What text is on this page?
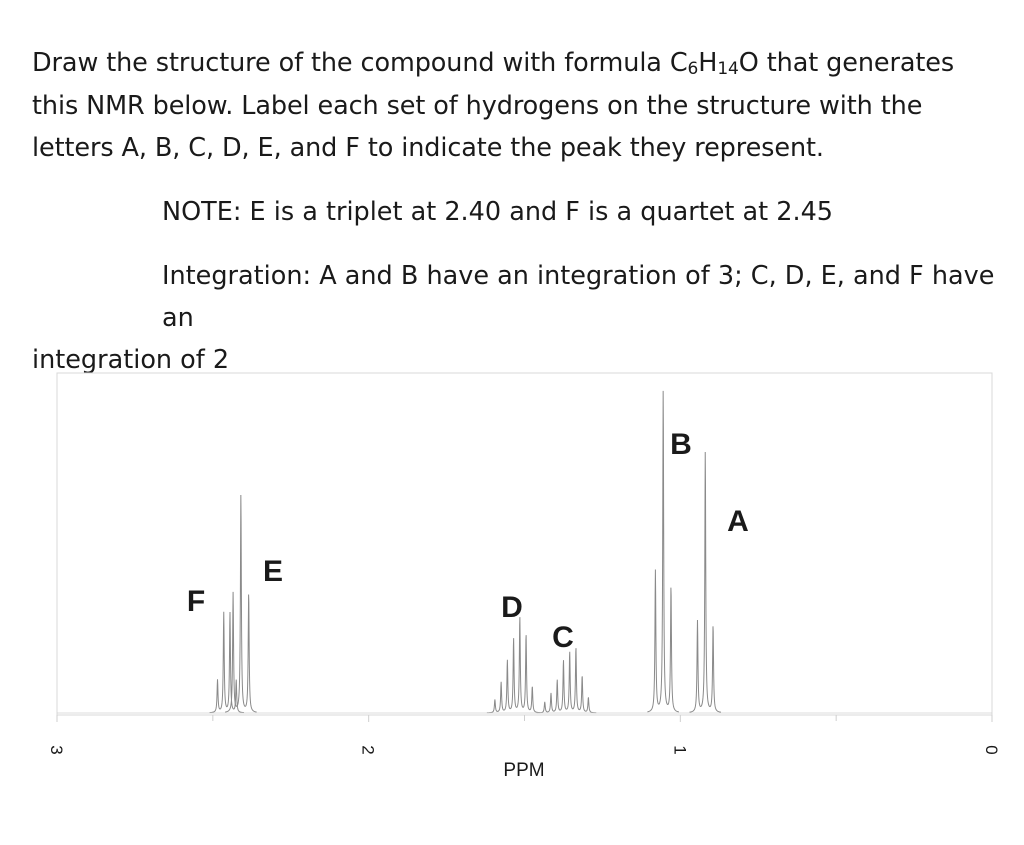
Draw the structure of the compound with formula $C_6H_{14}O$ that generates this NMR below. Label each set of hydrogens on the structure with the letters A, B, C, D, E, and F to indicate the peak they represent.

NOTE: E is a triplet at 2.40 and F is a quartet at 2.45
Integration: A and B have an integration of 3; C, D, E, and F have an
integration of 2
3	2	1	0
F
E
D
C
B
A
PPM
